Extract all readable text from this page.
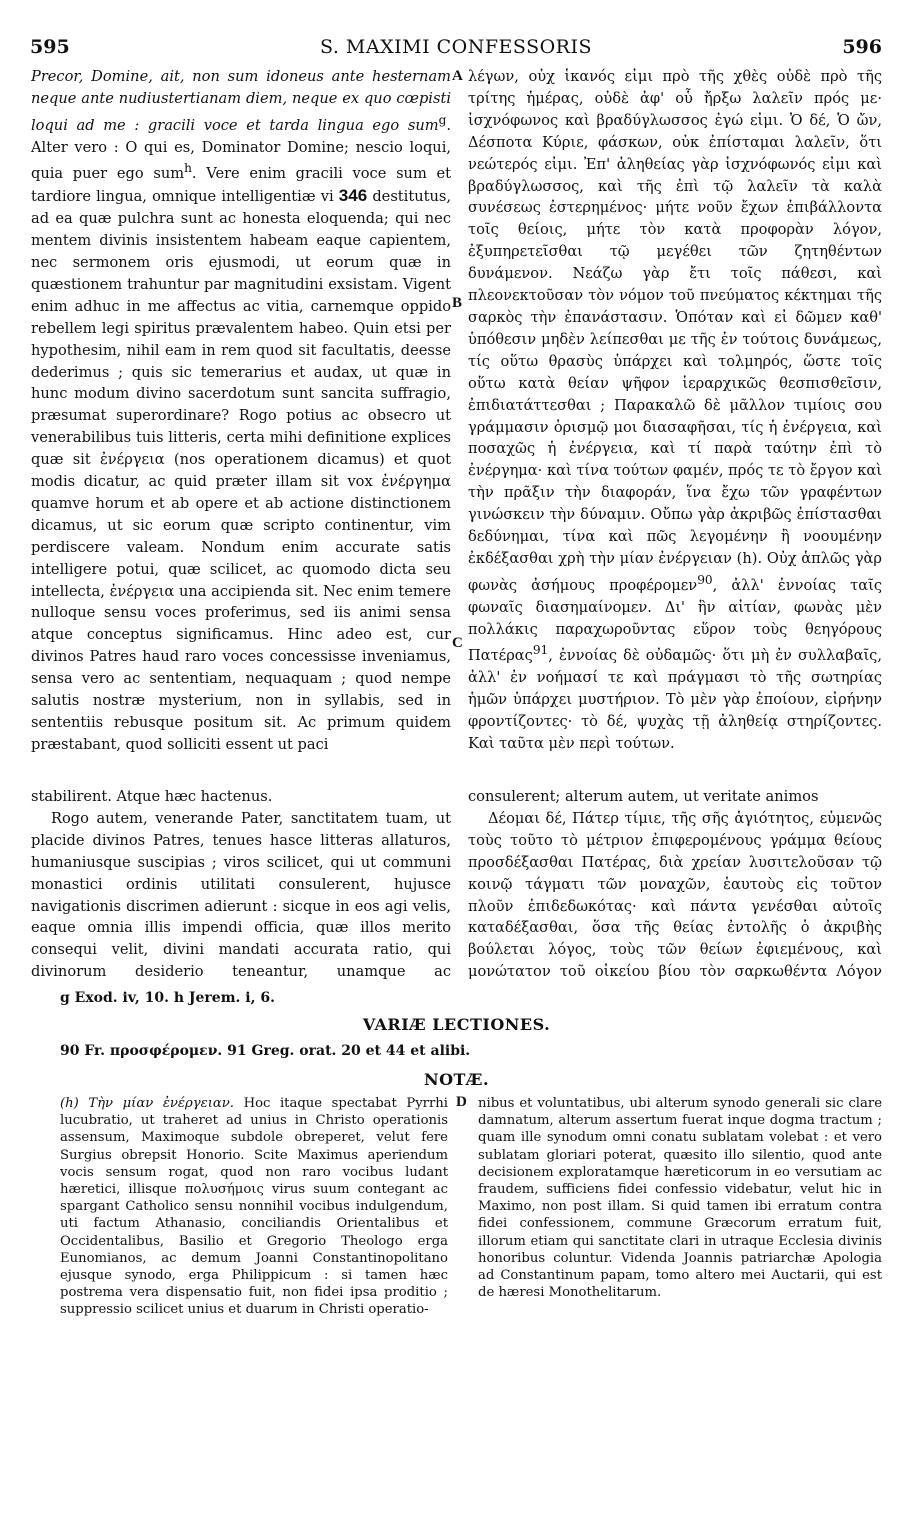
595	S. MAXIMI CONFESSORIS	596
A
B
C
D

Precor, Domine, ait, non sum idoneus ante hesternam neque ante nudiustertianam diem, neque ex quo cœpisti loqui ad me : gracili voce et tarda lingua ego sum$^g$. Alter vero : O qui es, Dominator Domine; nescio loqui, quia puer ego sum$^h$. Vere enim gracili voce sum et tardiore lingua, omnique intelligentiæ vi 346 destitutus, ad ea quæ pulchra sunt ac honesta eloquenda; qui nec mentem divinis insistentem habeam eaque capientem, nec sermonem oris ejusmodi, ut eorum quæ in quæstionem trahuntur par magnitudini exsistam. Vigent enim adhuc in me affectus ac vitia, carnemque oppido rebellem legi spiritus prævalentem habeo. Quin etsi per hypothesim, nihil eam in rem quod sit facultatis, deesse dederimus ; quis sic temerarius et audax, ut quæ in hunc modum divino sacerdotum sunt sancita suffragio, præsumat superordinare? Rogo potius ac obsecro ut venerabilibus tuis litteris, certa mihi definitione explices quæ sit ἐνέργεια (nos operationem dicamus) et quot modis dicatur, ac quid præter illam sit vox ἐνέργημα quamve horum et ab opere et ab actione distinctionem dicamus, ut sic eorum quæ scripto continentur, vim perdiscere valeam. Nondum enim accurate satis intelligere potui, quæ scilicet, ac quomodo dicta seu intellecta, ἐνέργεια una accipienda sit. Nec enim temere nulloque sensu voces proferimus, sed iis animi sensa atque conceptus significamus. Hinc adeo est, cur divinos Patres haud raro voces concessisse inveniamus, sensa vero ac sententiam, nequaquam ; quod nempe salutis nostræ mysterium, non in syllabis, sed in sententiis rebusque positum sit. Ac primum quidem præstabant, quod solliciti essent ut paci

λέγων, οὐχ ἱκανός εἰμι πρὸ τῆς χθὲς οὐδὲ πρὸ τῆς τρίτης ἡμέρας, οὐδὲ ἀφ' οὗ ἤρξω λαλεῖν πρός με· ἰσχνόφωνος καὶ βραδύγλωσσος ἐγώ εἰμι. Ὁ δέ, Ὁ ὤν, Δέσποτα Κύριε, φάσκων, οὐκ ἐπίσταμαι λαλεῖν, ὅτι νεώτερός εἰμι. Ἐπ' ἀληθείας γὰρ ἰσχνόφωνός εἰμι καὶ βραδύγλωσσος, καὶ τῆς ἐπὶ τῷ λαλεῖν τὰ καλὰ συνέσεως ἐστερημένος· μήτε νοῦν ἔχων ἐπιβάλλοντα τοῖς θείοις, μήτε τὸν κατὰ προφορὰν λόγον, ἐξυπηρετεῖσθαι τῷ μεγέθει τῶν ζητηθέντων δυνάμενον. Νεάζω γὰρ ἔτι τοῖς πάθεσι, καὶ πλεονεκτοῦσαν τὸν νόμον τοῦ πνεύματος κέκτημαι τῆς σαρκὸς τὴν ἐπανάστασιν. Ὁπόταν καὶ εἰ δῶμεν καθ' ὑπόθεσιν μηδὲν λείπεσθαι με τῆς ἐν τούτοις δυνάμεως, τίς οὕτω θρασὺς ὑπάρχει καὶ τολμηρός, ὥστε τοῖς οὕτω κατὰ θείαν ψῆφον ἱεραρχικῶς θεσπισθεῖσιν, ἐπιδιατάττεσθαι ; Παρακαλῶ δὲ μᾶλλον τιμίοις σου γράμμασιν ὁρισμῷ μοι διασαφῆσαι, τίς ἡ ἐνέργεια, καὶ ποσαχῶς ἡ ἐνέργεια, καὶ τί παρὰ ταύτην ἐπὶ τὸ ἐνέργημα· καὶ τίνα τούτων φαμέν, πρός τε τὸ ἔργον καὶ τὴν πρᾶξιν τὴν διαφοράν, ἵνα ἔχω τῶν γραφέντων γινώσκειν τὴν δύναμιν. Οὔπω γὰρ ἀκριβῶς ἐπίστασθαι δεδύνημαι, τίνα καὶ πῶς λεγομένην ἢ νοουμένην ἐκδέξασθαι χρὴ τὴν μίαν ἐνέργειαν (h). Οὐχ ἁπλῶς γὰρ φωνὰς ἀσήμους προφέρομεν$^{90}$, ἀλλ' ἐννοίας ταῖς φωναῖς διασημαίνομεν. Δι' ἣν αἰτίαν, φωνὰς μὲν πολλάκις παραχωροῦντας εὕρον τοὺς θεηγόρους Πατέρας$^{91}$, ἐννοίας δὲ οὐδαμῶς· ὅτι μὴ ἐν συλλαβαῖς, ἀλλ' ἐν νοήμασί τε καὶ πράγμασι τὸ τῆς σωτηρίας ἡμῶν ὑπάρχει μυστήριον. Τὸ μὲν γὰρ ἐποίουν, εἰρήνην φροντίζοντες· τὸ δέ, ψυχὰς τῇ ἀληθείᾳ στηρίζοντες. Καὶ ταῦτα μὲν περὶ τούτων.

stabilirent. Atque hæc hactenus.

Rogo autem, venerande Pater, sanctitatem tuam, ut placide divinos Patres, tenues hasce litteras allaturos, humaniusque suscipias ; viros scilicet, qui ut communi monastici ordinis utilitati consulerent, hujusce navigationis discrimen adierunt : sicque in eos agi velis, eaque omnia illis impendi officia, quæ illos merito consequi velit, divini mandati accurata ratio, qui divinorum desiderio teneantur, unamque ac

consulerent; alterum autem, ut veritate animos

Δέομαι δέ, Πάτερ τίμιε, τῆς σῆς ἁγιότητος, εὐμενῶς τοὺς τοῦτο τὸ μέτριον ἐπιφερομένους γράμμα θείους προσδέξασθαι Πατέρας, διὰ χρείαν λυσιτελοῦσαν τῷ κοινῷ τάγματι τῶν μοναχῶν, ἑαυτοὺς εἰς τοῦτον πλοῦν ἐπιδεδωκότας· καὶ πάντα γενέσθαι αὐτοῖς καταδέξασθαι, ὅσα τῆς θείας ἐντολῆς ὁ ἀκριβὴς βούλεται λόγος, τοὺς τῶν θείων ἐφιεμένους, καὶ μονώτατον τοῦ οἰκείου βίου τὸν σαρκωθέντα Λόγον

g Exod. iv, 10. h Jerem. i, 6.
VARIÆ LECTIONES.
90 Fr. προσφέρομεν. 91 Greg. orat. 20 et 44 et alibi.
NOTÆ.
(h) Τὴν μίαν ἐνέργειαν. Hoc itaque spectabat Pyrrhi lucubratio, ut traheret ad unius in Christo operationis assensum, Maximoque subdole obreperet, velut fere Surgius obrepsit Honorio. Scite Maximus aperiendum vocis sensum rogat, quod non raro vocibus ludant hæretici, illisque πολυσήμοις virus suum contegant ac spargant Catholico sensu nonnihil vocibus indulgendum, uti factum Athanasio, conciliandis Orientalibus et Occidentalibus, Basilio et Gregorio Theologo erga Eunomianos, ac demum Joanni Constantinopolitano ejusque synodo, erga Philippicum : si tamen hæc postrema vera dispensatio fuit, non fidei ipsa proditio ; suppressio scilicet unius et duarum in Christi operatio-
nibus et voluntatibus, ubi alterum synodo generali sic clare damnatum, alterum assertum fuerat inque dogma tractum ; quam ille synodum omni conatu sublatam volebat : et vero sublatam gloriari poterat, quæsito illo silentio, quod ante decisionem exploratamque hæreticorum in eo versutiam ac fraudem, sufficiens fidei confessio videbatur, velut hic in Maximo, non post illam. Si quid tamen ibi erratum contra fidei confessionem, commune Græcorum erratum fuit, illorum etiam qui sanctitate clari in utraque Ecclesia divinis honoribus coluntur. Videnda Joannis patriarchæ Apologia ad Constantinum papam, tomo altero mei Auctarii, qui est de hæresi Monothelitarum.
